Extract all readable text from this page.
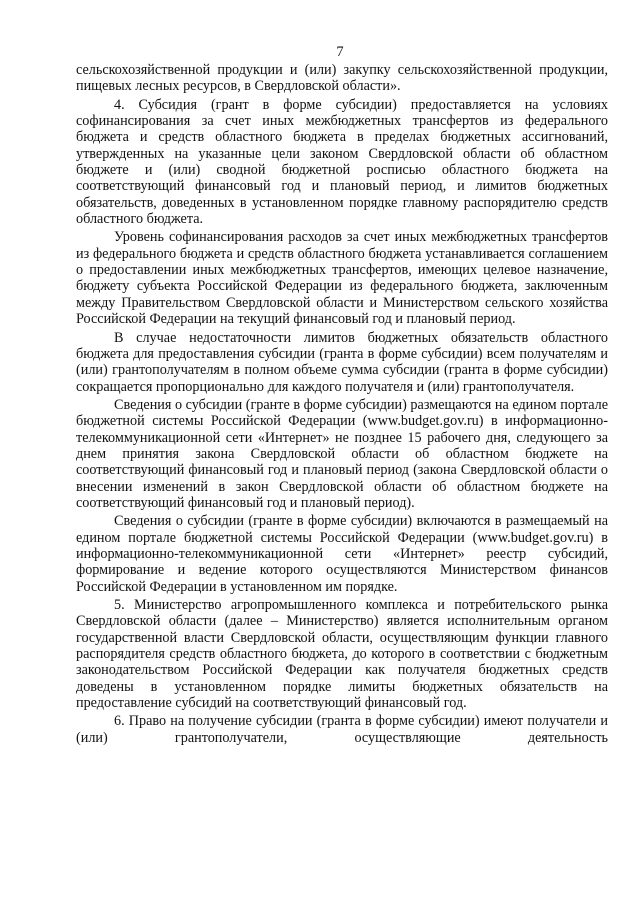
7

сельскохозяйственной продукции и (или) закупку сельскохозяйственной продукции, пищевых лесных ресурсов, в Свердловской области».

4. Субсидия (грант в форме субсидии) предоставляется на условиях софинансирования за счет иных межбюджетных трансфертов из федерального бюджета и средств областного бюджета в пределах бюджетных ассигнований, утвержденных на указанные цели законом Свердловской области об областном бюджете и (или) сводной бюджетной росписью областного бюджета на соответствующий финансовый год и плановый период, и лимитов бюджетных обязательств, доведенных в установленном порядке главному распорядителю средств областного бюджета.

Уровень софинансирования расходов за счет иных межбюджетных трансфертов из федерального бюджета и средств областного бюджета устанавливается соглашением о предоставлении иных межбюджетных трансфертов, имеющих целевое назначение, бюджету субъекта Российской Федерации из федерального бюджета, заключенным между Правительством Свердловской области и Министерством сельского хозяйства Российской Федерации на текущий финансовый год и плановый период.

В случае недостаточности лимитов бюджетных обязательств областного бюджета для предоставления субсидии (гранта в форме субсидии) всем получателям и (или) грантополучателям в полном объеме сумма субсидии (гранта в форме субсидии) сокращается пропорционально для каждого получателя и (или) грантополучателя.

Сведения о субсидии (гранте в форме субсидии) размещаются на едином портале бюджетной системы Российской Федерации (www.budget.gov.ru) в информационно-телекоммуникационной сети «Интернет» не позднее 15 рабочего дня, следующего за днем принятия закона Свердловской области об областном бюджете на соответствующий финансовый год и плановый период (закона Свердловской области о внесении изменений в закон Свердловской области об областном бюджете на соответствующий финансовый год и плановый период).

Сведения о субсидии (гранте в форме субсидии) включаются в размещаемый на едином портале бюджетной системы Российской Федерации (www.budget.gov.ru) в информационно-телекоммуникационной сети «Интернет» реестр субсидий, формирование и ведение которого осуществляются Министерством финансов Российской Федерации в установленном им порядке.

5. Министерство агропромышленного комплекса и потребительского рынка Свердловской области (далее – Министерство) является исполнительным органом государственной власти Свердловской области, осуществляющим функции главного распорядителя средств областного бюджета, до которого в соответствии с бюджетным законодательством Российской Федерации как получателя бюджетных средств доведены в установленном порядке лимиты бюджетных обязательств на предоставление субсидий на соответствующий финансовый год.

6. Право на получение субсидии (гранта в форме субсидии) имеют получатели и (или) грантополучатели, осуществляющие деятельность
